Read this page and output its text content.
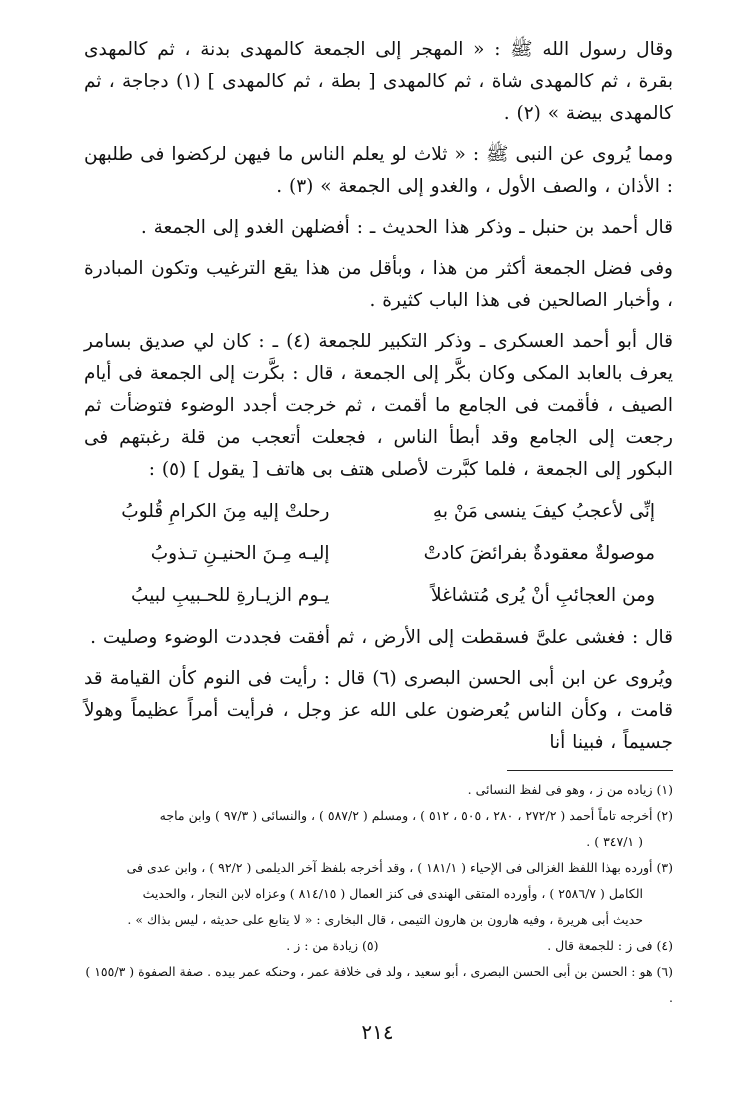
وقال رسول الله ﷺ : « المهجر إلى الجمعة كالمهدى بدنة ، ثم كالمهدى بقرة ، ثم كالمهدى شاة ، ثم كالمهدى [ بطة ، ثم كالمهدى ] (١) دجاجة ، ثم كالمهدى بيضة » (٢) .

ومما يُروى عن النبى ﷺ : « ثلاث لو يعلم الناس ما فيهن لركضوا فى طلبهن : الأذان ، والصف الأول ، والغدو إلى الجمعة » (٣) .

قال أحمد بن حنبل ـ وذكر هذا الحديث ـ : أفضلهن الغدو إلى الجمعة .

وفى فضل الجمعة أكثر من هذا ، وبأقل من هذا يقع الترغيب وتكون المبادرة ، وأخبار الصالحين فى هذا الباب كثيرة .

قال أبو أحمد العسكرى ـ وذكر التكبير للجمعة (٤) ـ : كان لي صديق بسامر يعرف بالعابد المكى وكان بكَّر إلى الجمعة ، قال : بكَّرت إلى الجمعة فى أيام الصيف ، فأقمت فى الجامع ما أقمت ، ثم خرجت أجدد الوضوء فتوضأت ثم رجعت إلى الجامع وقد أبطأ الناس ، فجعلت أتعجب من قلة رغبتهم فى البكور إلى الجمعة ، فلما كبَّرت لأصلى هتف بى هاتف [ يقول ] (٥) :

إنِّى لأعجبُ كيفَ ينسى مَنْ بهِ
رحلتْ إليه مِنَ الكرامِ قُلوبُ
موصولةٌ معقودةٌ بفرائضَ كادتْ
إليـه مِـنَ الحنيـنِ تـذوبُ
ومن العجائبِ أنْ يُرى مُتشاغلاً
يـوم الزيـارةِ للحـبيبِ لبيبُ

قال : فغشى علىَّ فسقطت إلى الأرض ، ثم أفقت فجددت الوضوء وصليت .

ويُروى عن ابن أبى الحسن البصرى (٦) قال : رأيت فى النوم كأن القيامة قد قامت ، وكأن الناس يُعرضون على الله عز وجل ، فرأيت أمراً عظيماً وهولاً جسيماً ، فبينا أنا

(١) زياده من ز ، وهو فى لفظ النسائى .

(٢) أخرجه تاماً أحمد ( ٢٧٢/٢ ، ٢٨٠ ، ٥٠٥ ، ٥١٢ ) ، ومسلم ( ٥٨٧/٢ ) ، والنسائى ( ٩٧/٣ ) وابن ماجه

( ٣٤٧/١ ) .

(٣) أورده بهذا اللفظ الغزالى فى الإحياء ( ١٨١/١ ) ، وقد أخرجه بلفظ آخر الديلمى ( ٩٢/٢ ) ، وابن عدى فى

الكامل ( ٢٥٨٦/٧ ) ، وأورده المتقى الهندى فى كنز العمال ( ٨١٤/١٥ ) وعزاه لابن النجار ، والحديث

حديث أبى هريرة ، وفيه هارون بن هارون التيمى ، قال البخارى : « لا يتابع على حديثه ، ليس بذاك » .

(٤) فى ز : للجمعة قال .

(٥) زيادة من : ز .

(٦) هو : الحسن بن أبى الحسن البصرى ، أبو سعيد ، ولد فى خلافة عمر ، وحنكه عمر بيده . صفة الصفوة ( ١٥٥/٣ ) .

٢١٤
